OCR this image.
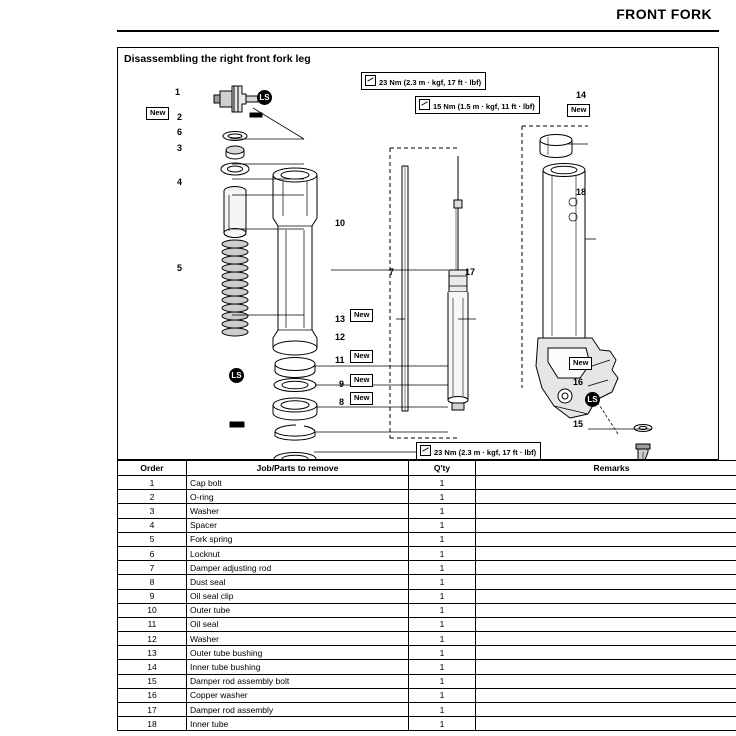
FRONT FORK
Disassembling the right front fork leg
23 Nm (2.3 m · kgf, 17 ft · lbf)
15 Nm (1.5 m · kgf, 11 ft · lbf)
23 Nm (2.3 m · kgf, 17 ft · lbf)
1
2
6
3
4
5
10
13
12
11
9
8
7	17
14
18
16
15
New
New
New
New
New
New
New
LS
LS
LS
Order	Job/Parts to remove	Q'ty	Remarks
1	Cap bolt	1	
2	O-ring	1	
3	Washer	1	
4	Spacer	1	
5	Fork spring	1	
6	Locknut	1	
7	Damper adjusting rod	1	
8	Dust seal	1	
9	Oil seal clip	1	
10	Outer tube	1	
11	Oil seal	1	
12	Washer	1	
13	Outer tube bushing	1	
14	Inner tube bushing	1	
15	Damper rod assembly bolt	1	
16	Copper washer	1	
17	Damper rod assembly	1	
18	Inner tube	1	
